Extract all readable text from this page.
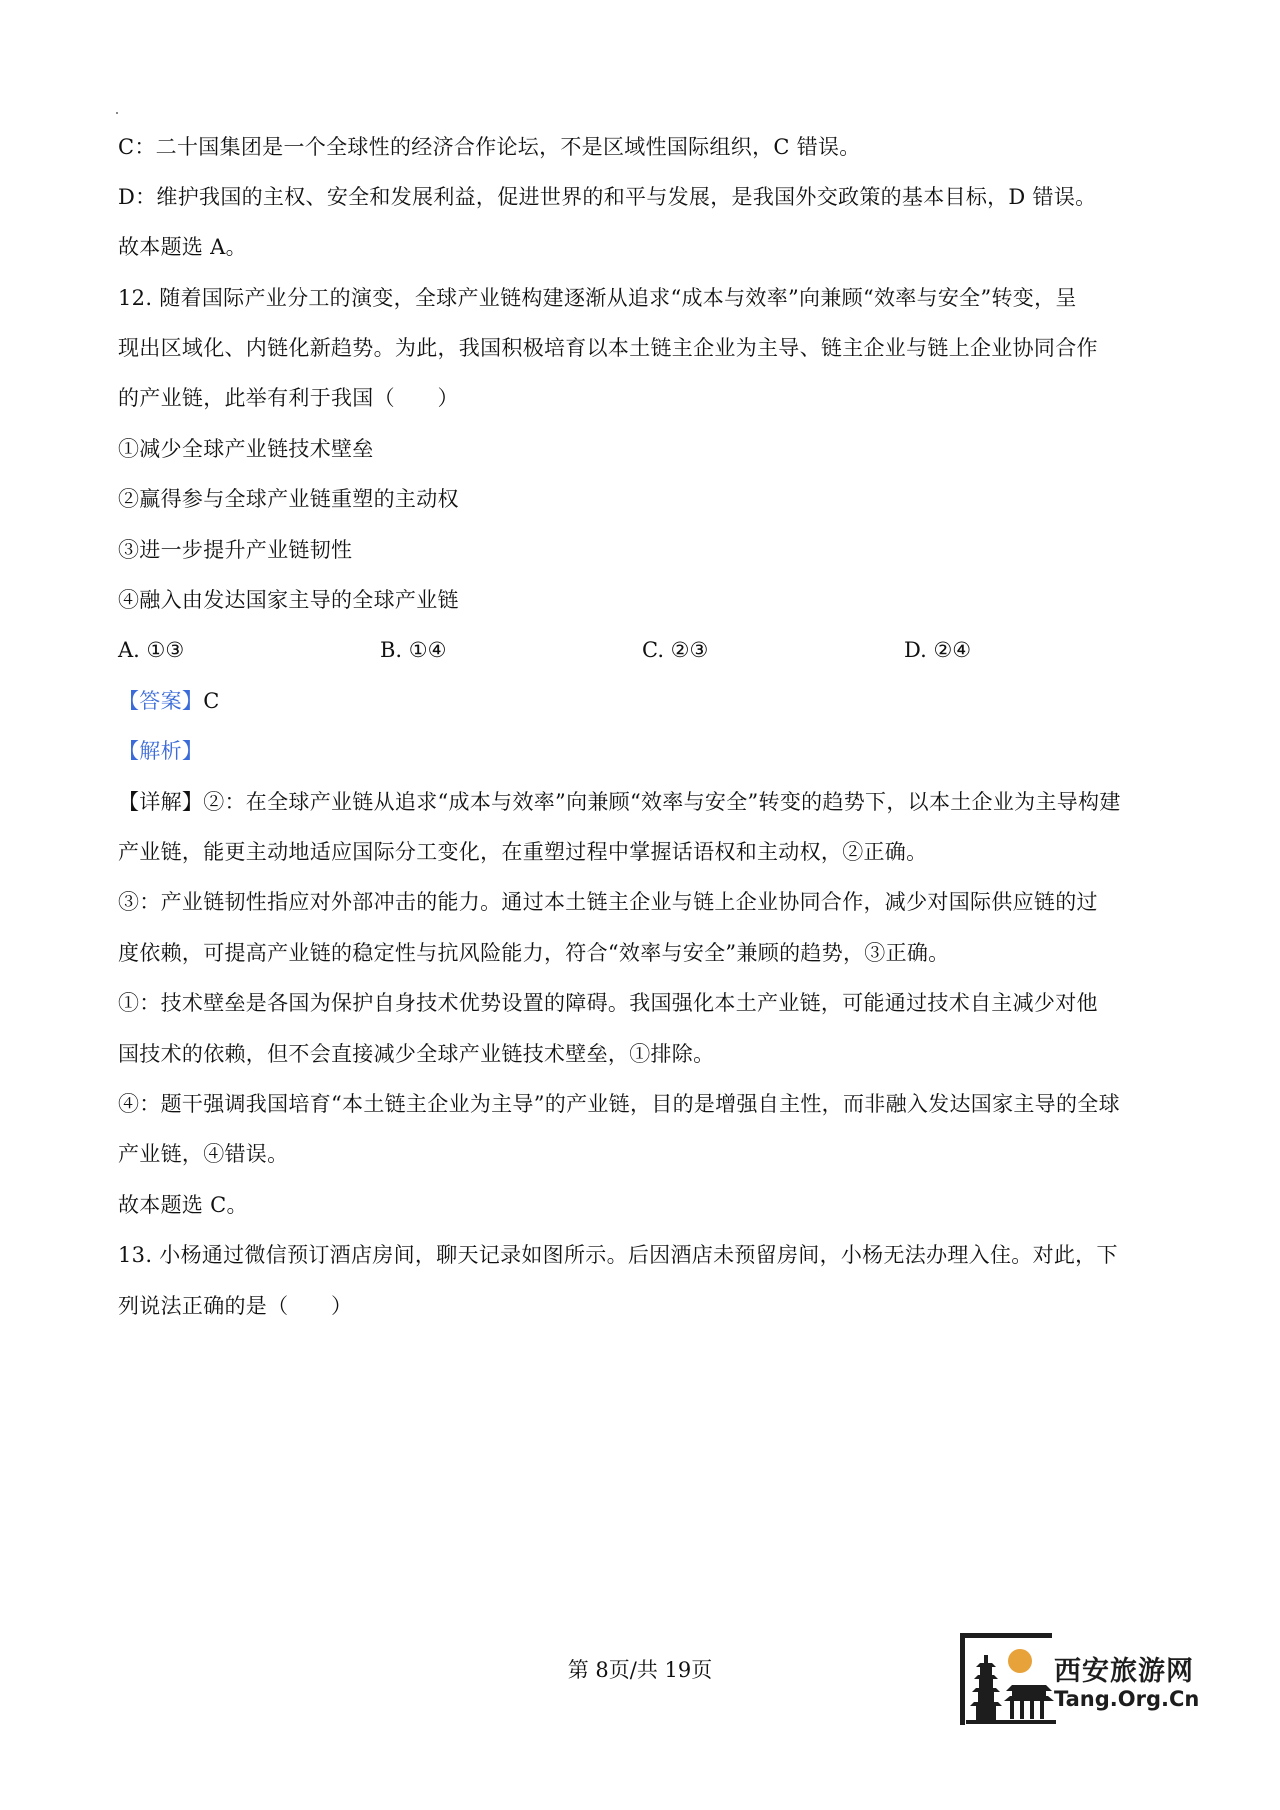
C：二十国集团是一个全球性的经济合作论坛，不是区域性国际组织，C 错误。
D：维护我国的主权、安全和发展利益，促进世界的和平与发展，是我国外交政策的基本目标，D 错误。
故本题选 A。
12. 随着国际产业分工的演变，全球产业链构建逐渐从追求“成本与效率”向兼顾“效率与安全”转变，呈
现出区域化、内链化新趋势。为此，我国积极培育以本土链主企业为主导、链主企业与链上企业协同合作
的产业链，此举有利于我国（　　）
①减少全球产业链技术壁垒
②赢得参与全球产业链重塑的主动权
③进一步提升产业链韧性
④融入由发达国家主导的全球产业链
A. ①③	B. ①④	C. ②③	D. ②④
【答案】C
【解析】
【详解】②：在全球产业链从追求“成本与效率”向兼顾“效率与安全”转变的趋势下，以本土企业为主导构建
产业链，能更主动地适应国际分工变化，在重塑过程中掌握话语权和主动权，②正确。
③：产业链韧性指应对外部冲击的能力。通过本土链主企业与链上企业协同合作，减少对国际供应链的过
度依赖，可提高产业链的稳定性与抗风险能力，符合“效率与安全”兼顾的趋势，③正确。
①：技术壁垒是各国为保护自身技术优势设置的障碍。我国强化本土产业链，可能通过技术自主减少对他
国技术的依赖，但不会直接减少全球产业链技术壁垒，①排除。
④：题干强调我国培育“本土链主企业为主导”的产业链，目的是增强自主性，而非融入发达国家主导的全球
产业链，④错误。
故本题选 C。
13. 小杨通过微信预订酒店房间，聊天记录如图所示。后因酒店未预留房间，小杨无法办理入住。对此，下
列说法正确的是（　　）
第 8页/共 19页	西安旅游网
Tang.Org.Cn
